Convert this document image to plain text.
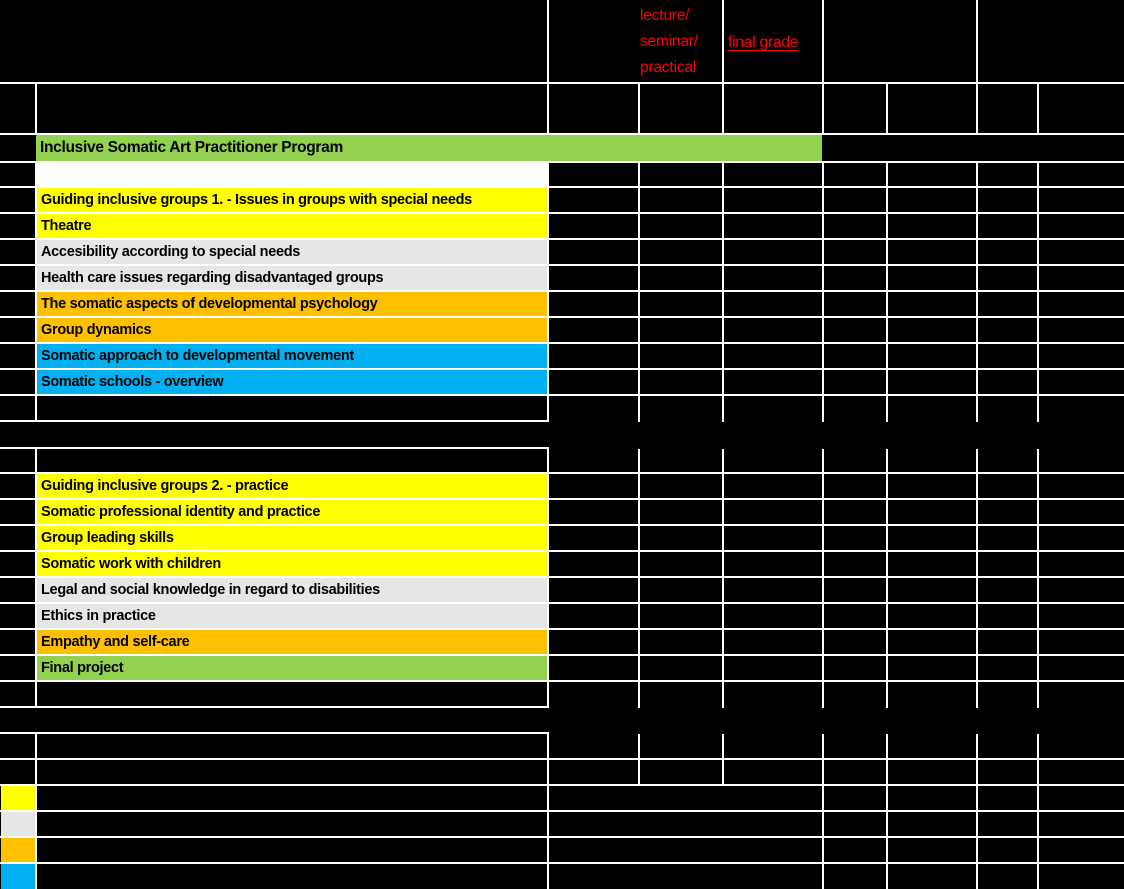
lecture/
seminar/
practical
final grade
Inclusive Somatic Art Practitioner Program
Guiding inclusive groups 1. - Issues in groups with special needs
Theatre
Accesibility according to special needs
Health care issues regarding disadvantaged groups
The somatic aspects of developmental psychology
Group dynamics
Somatic approach to developmental movement
Somatic schools - overview
Guiding inclusive groups 2. - practice
Somatic professional identity and practice
Group leading skills
Somatic work with children
Legal and social knowledge in regard to disabilities
Ethics in practice
Empathy and self-care
Final project
